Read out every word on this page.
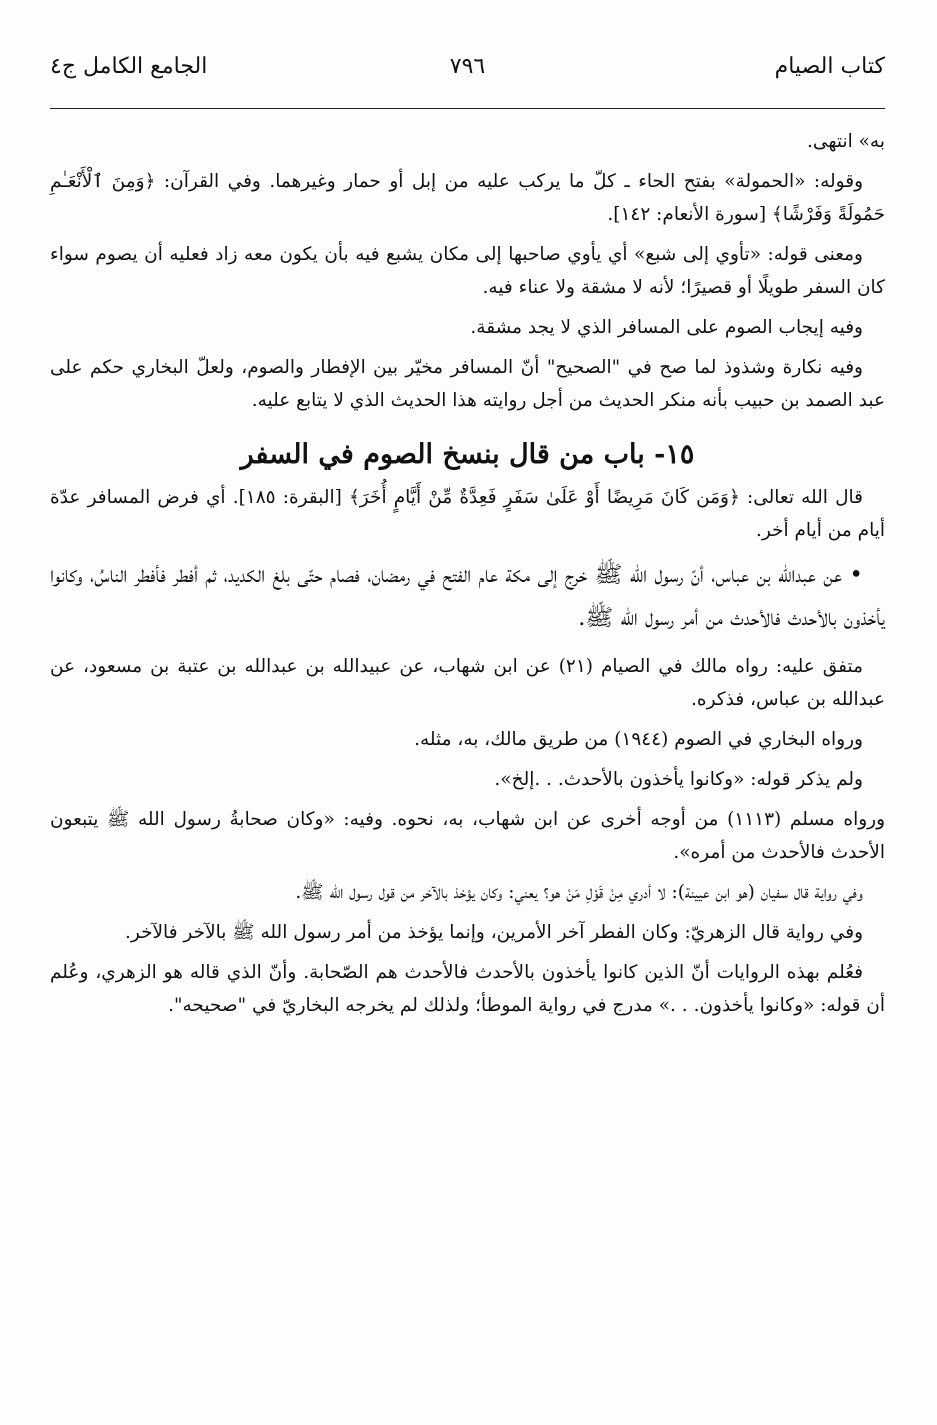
كتاب الصيام
٧٩٦
الجامع الكامل ج٤

به» انتهى.

وقوله: «الحمولة» بفتح الحاء ـ كلّ ما يركب عليه من إبل أو حمار وغيرهما. وفي القرآن: ﴿وَمِنَ ٱلْأَنْعَـٰمِ حَمُولَةً وَفَرْشًا﴾ [سورة الأنعام: ١٤٢].

ومعنى قوله: «تأوي إلى شبع» أي يأوي صاحبها إلى مكان يشبع فيه بأن يكون معه زاد فعليه أن يصوم سواء كان السفر طويلًا أو قصيرًا؛ لأنه لا مشقة ولا عناء فيه.

وفيه إيجاب الصوم على المسافر الذي لا يجد مشقة.

وفيه نكارة وشذوذ لما صح في "الصحيح" أنّ المسافر مخيّر بين الإفطار والصوم، ولعلّ البخاري حكم على عبد الصمد بن حبيب بأنه منكر الحديث من أجل روايته هذا الحديث الذي لا يتابع عليه.

١٥- باب من قال بنسخ الصوم في السفر

قال الله تعالى: ﴿وَمَن كَانَ مَرِيضًا أَوْ عَلَىٰ سَفَرٍ فَعِدَّةٌ مِّنْ أَيَّامٍ أُخَرَ﴾ [البقرة: ١٨٥]. أي فرض المسافر عدّة أيام من أيام أخر.

• عن عبدالله بن عباس، أنّ رسول الله ﷺ خرج إلى مكة عام الفتح في رمضان، فصام حتّى بلغ الكديد، ثم أفطر فأفطر الناسُ، وكانوا يأخذون بالأحدث فالأحدث من أمر رسول الله ﷺ.

متفق عليه: رواه مالك في الصيام (٢١) عن ابن شهاب، عن عبيدالله بن عبدالله بن عتبة بن مسعود، عن عبدالله بن عباس، فذكره.

ورواه البخاري في الصوم (١٩٤٤) من طريق مالك، به، مثله.

ولم يذكر قوله: «وكانوا يأخذون بالأحدث. . .إلخ».

ورواه مسلم (١١١٣) من أوجه أخرى عن ابن شهاب، به، نحوه. وفيه: «وكان صحابةُ رسول الله ﷺ يتبعون الأحدث فالأحدث من أمره».

وفي رواية قال سفيان (هو ابن عيينة): لا أدري مِنْ قَوْلِ مَنْ هو؟ يعني: وكان يؤخذ بالآخر من قول رسول الله ﷺ.

وفي رواية قال الزهريّ: وكان الفطر آخر الأمرين، وإنما يؤخذ من أمر رسول الله ﷺ بالآخر فالآخر.

فعُلم بهذه الروايات أنّ الذين كانوا يأخذون بالأحدث فالأحدث هم الصّحابة. وأنّ الذي قاله هو الزهري، وعُلم أن قوله: «وكانوا يأخذون. . .» مدرج في رواية الموطأ؛ ولذلك لم يخرجه البخاريّ في "صحيحه".
